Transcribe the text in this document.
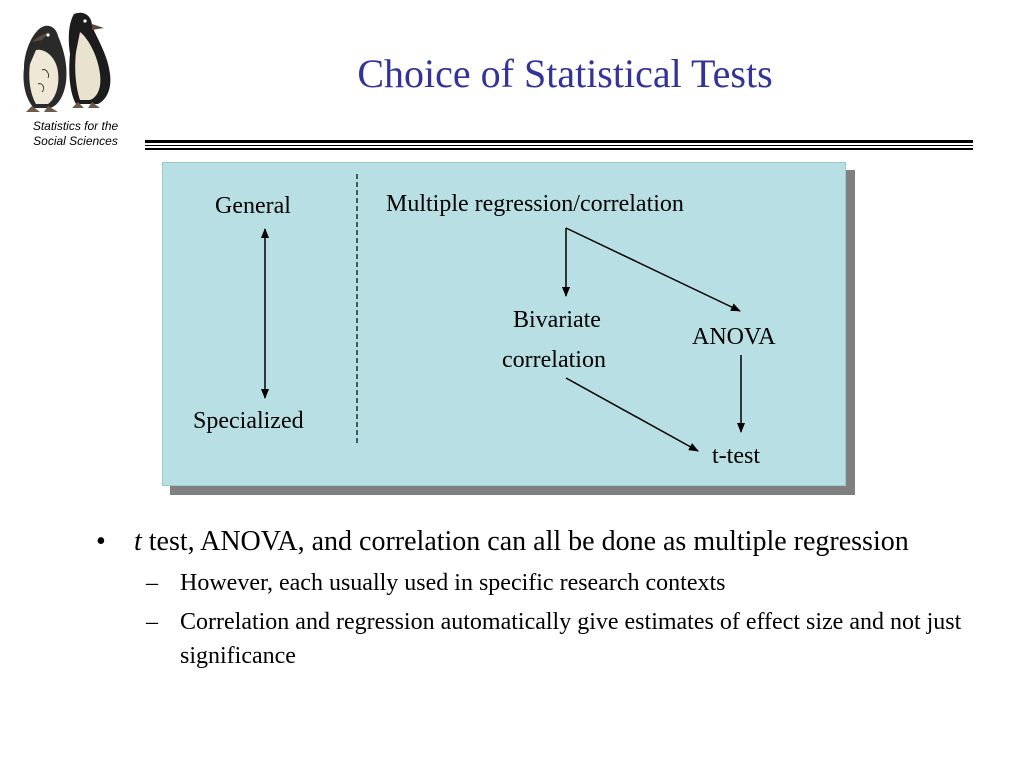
Statistics for the
Social Sciences
Choice of Statistical Tests
General
Specialized
Multiple regression/correlation
Bivariate
correlation
ANOVA
t-test
• t test, ANOVA, and correlation can all be done as multiple regression
– However, each usually used in specific research contexts
– Correlation and regression automatically give estimates of effect size and not just significance
